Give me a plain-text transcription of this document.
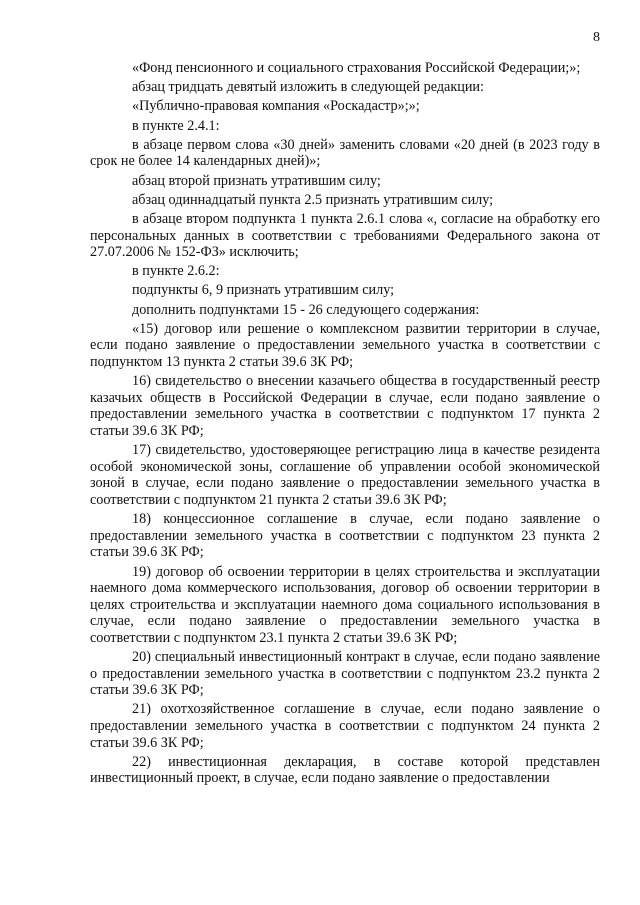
8

«Фонд пенсионного и социального страхования Российской Федерации;»;

абзац тридцать девятый изложить в следующей редакции:

«Публично-правовая компания «Роскадастр»;»;

в пункте 2.4.1:

в абзаце первом слова «30 дней» заменить словами «20 дней (в 2023 году в срок не более 14 календарных дней)»;

абзац второй признать утратившим силу;

абзац одиннадцатый пункта 2.5 признать утратившим силу;

в абзаце втором подпункта 1 пункта 2.6.1 слова «, согласие на обработку его персональных данных в соответствии с требованиями Федерального закона от 27.07.2006 № 152-ФЗ» исключить;

в пункте 2.6.2:

подпункты 6, 9 признать утратившим силу;

дополнить подпунктами 15 - 26 следующего содержания:

«15) договор или решение о комплексном развитии территории в случае, если подано заявление о предоставлении земельного участка в соответствии с подпунктом 13 пункта 2 статьи 39.6 ЗК РФ;

16) свидетельство о внесении казачьего общества в государственный реестр казачьих обществ в Российской Федерации в случае, если подано заявление о предоставлении земельного участка в соответствии с подпунктом 17 пункта 2 статьи 39.6 ЗК РФ;

17) свидетельство, удостоверяющее регистрацию лица в качестве резидента особой экономической зоны, соглашение об управлении особой экономической зоной в случае, если подано заявление о предоставлении земельного участка в соответствии с подпунктом 21 пункта 2 статьи 39.6 ЗК РФ;

18) концессионное соглашение в случае, если подано заявление о предоставлении земельного участка в соответствии с подпунктом 23 пункта 2 статьи 39.6 ЗК РФ;

19) договор об освоении территории в целях строительства и эксплуатации наемного дома коммерческого использования, договор об освоении территории в целях строительства и эксплуатации наемного дома социального использования в случае, если подано заявление о предоставлении земельного участка в соответствии с подпунктом 23.1 пункта 2 статьи 39.6 ЗК РФ;

20) специальный инвестиционный контракт в случае, если подано заявление о предоставлении земельного участка в соответствии с подпунктом 23.2 пункта 2 статьи 39.6 ЗК РФ;

21) охотхозяйственное соглашение в случае, если подано заявление о предоставлении земельного участка в соответствии с подпунктом 24 пункта 2 статьи 39.6 ЗК РФ;

22) инвестиционная декларация, в составе которой представлен инвестиционный проект, в случае, если подано заявление о предоставлении
